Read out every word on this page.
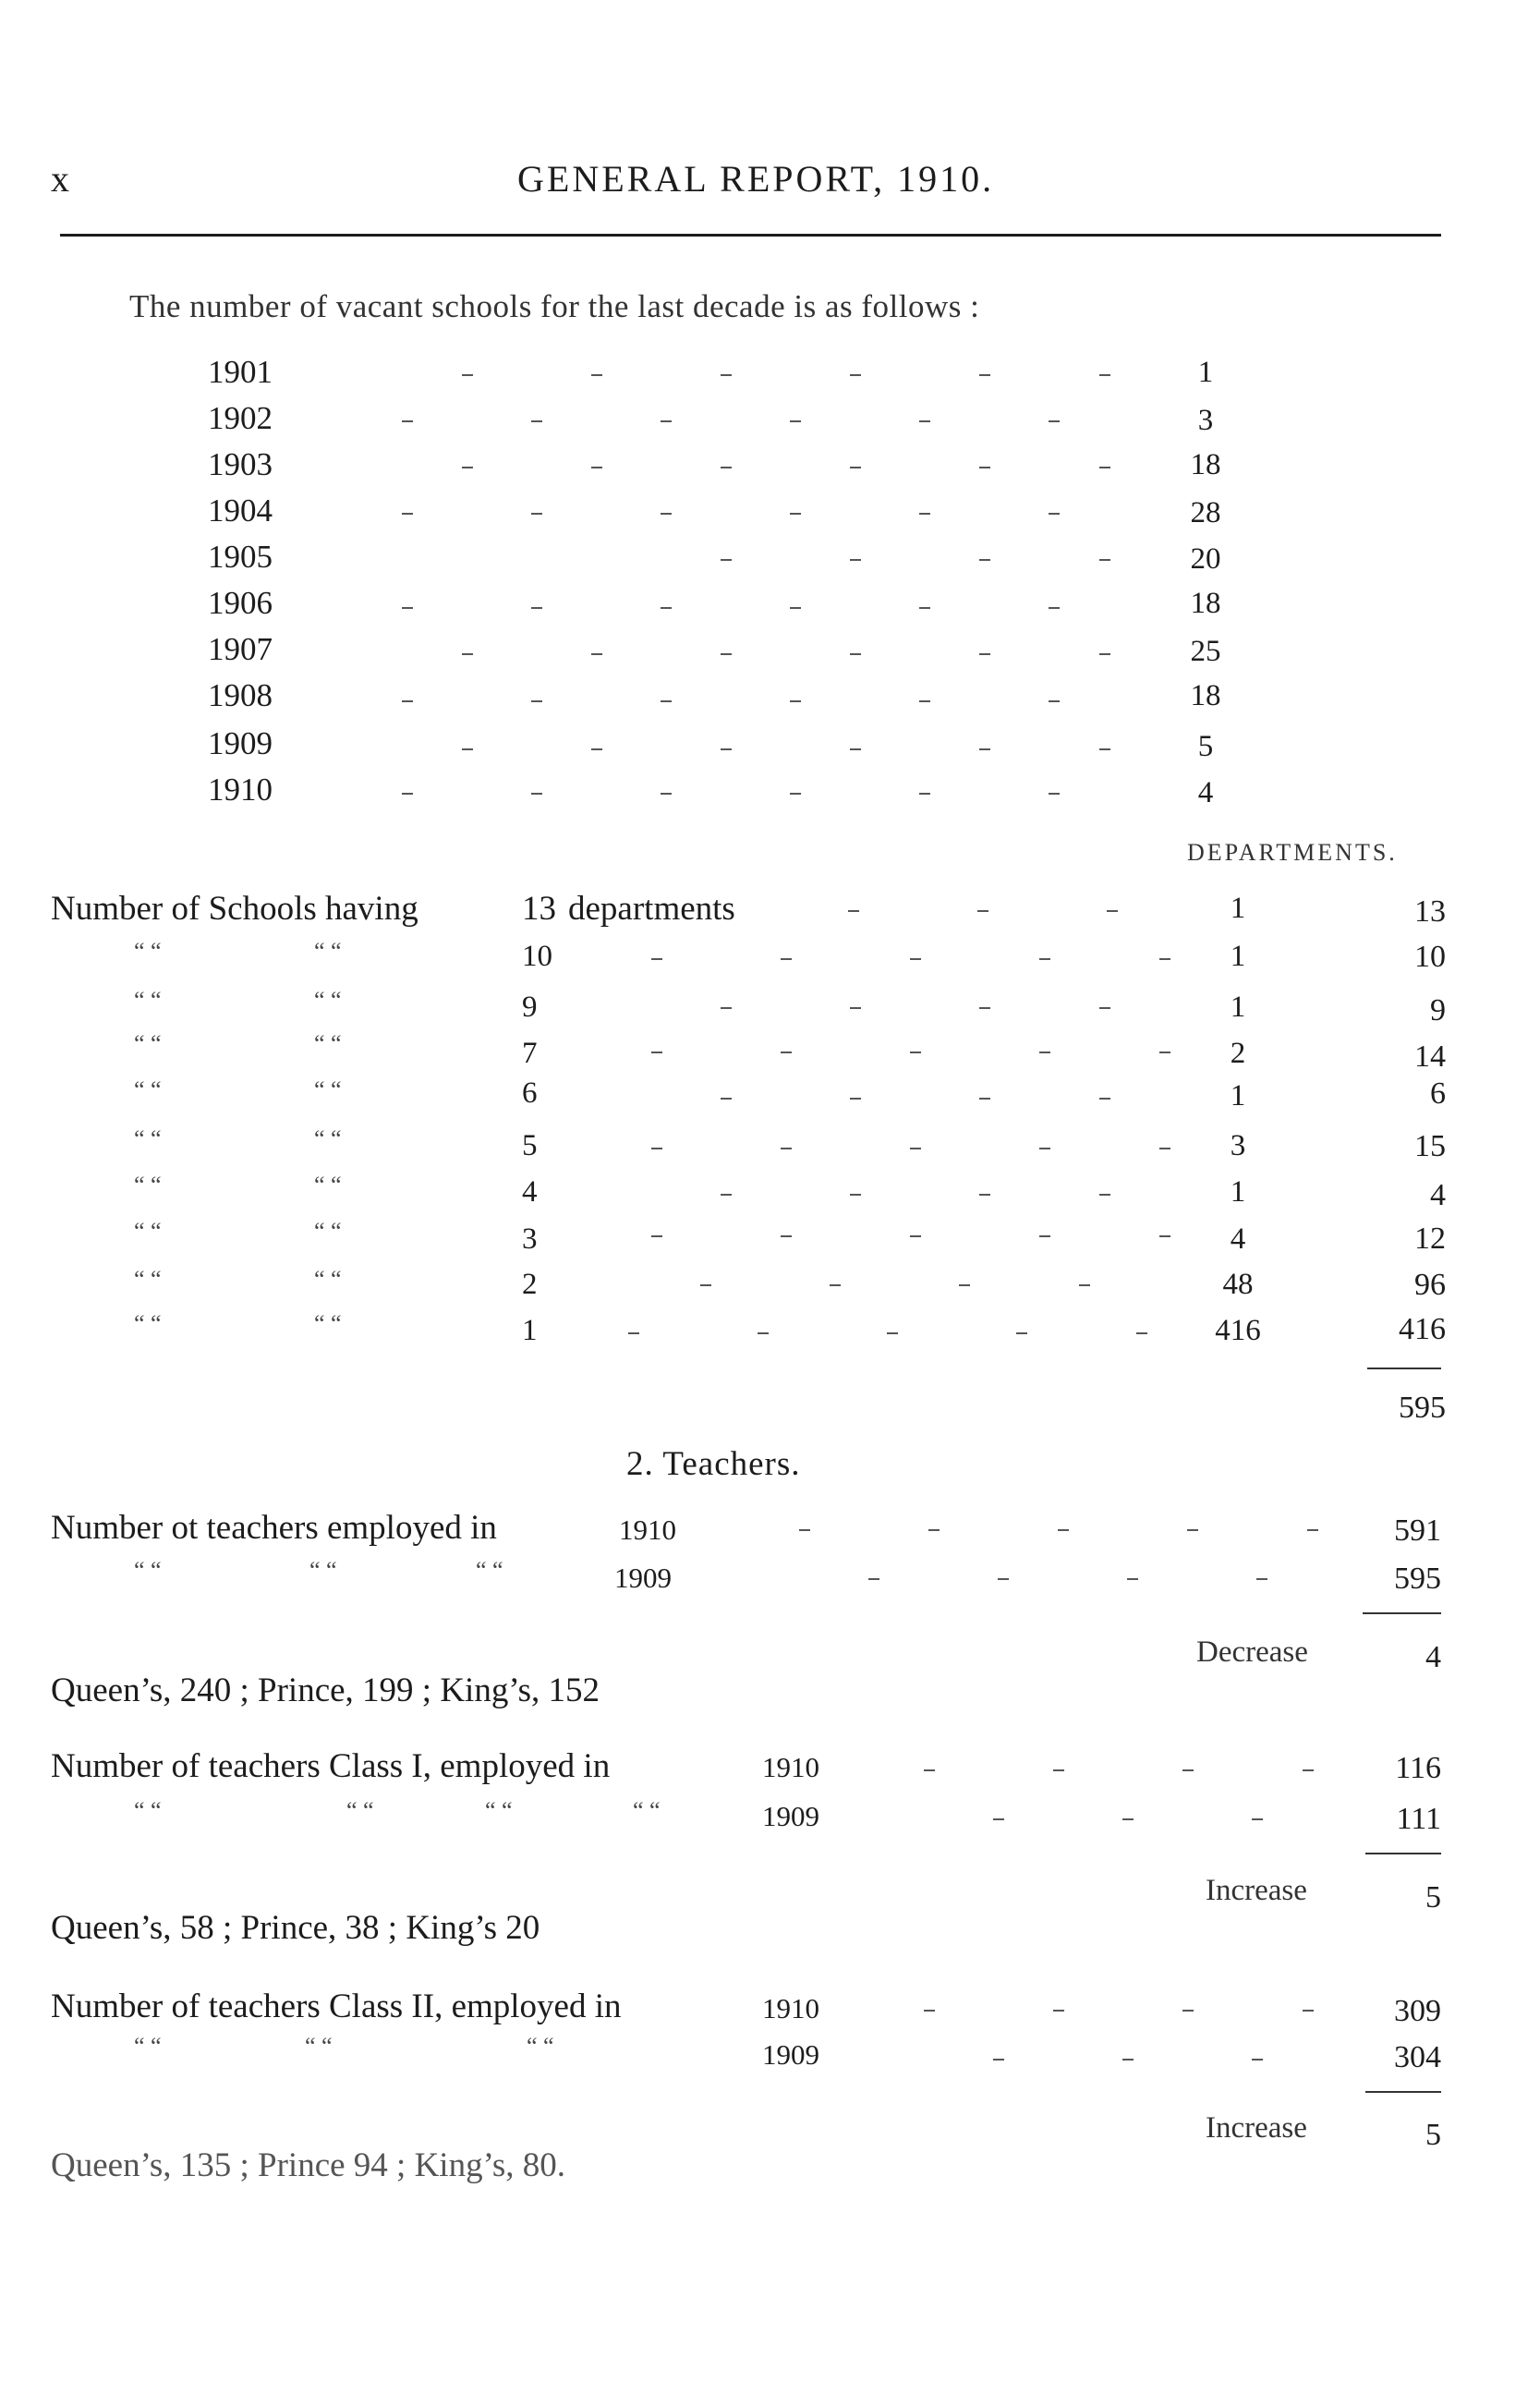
x	GENERAL REPORT, 1910.
The number of vacant schools for the last decade is as follows :
1901	1
1902	3
1903	18
1904	28
1905	20
1906	18
1907	25
1908	18
1909	5
1910	4
DEPARTMENTS.
Number of Schools having	13 departments	1	13
“ “	“ “	10	1	10
“ “	“ “	9	1	9
“ “	“ “	7	2	14
“ “	“ “	6	1	6
“ “	“ “	5	3	15
“ “	“ “	4	1	4
“ “	“ “	3	4	12
“ “	“ “	2	48	96
“ “	“ “	1	416	416
595
2. Teachers.
Number ot teachers employed in	1910	591
“ “	“ “	“ “	1909	595
Decrease	4
Queen’s, 240 ; Prince, 199 ; King’s, 152
Number of teachers Class I, employed in	1910	116
“ “	“ “	“ “	“ “	1909	111
Increase	5
Queen’s, 58 ; Prince, 38 ; King’s 20
Number of teachers Class II, employed in	1910	309
“ “	“ “	“ “	1909	304
Increase	5
Queen’s, 135 ; Prince 94 ; King’s, 80.
